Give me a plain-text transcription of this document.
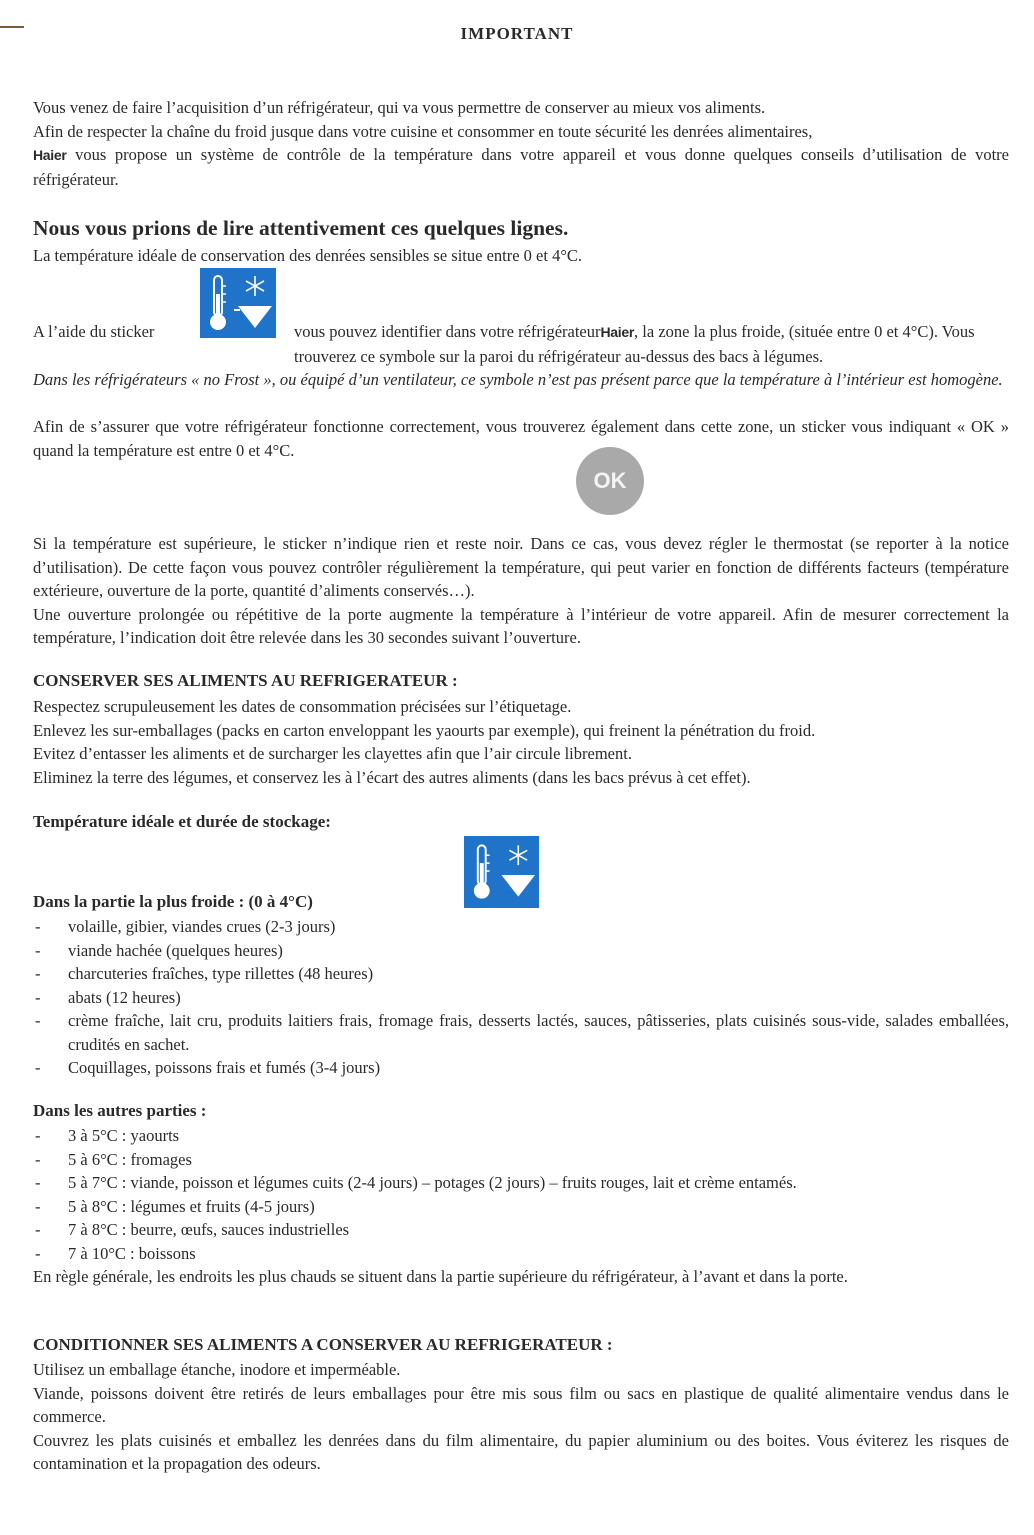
IMPORTANT
Vous venez de faire l’acquisition d’un réfrigérateur, qui va vous permettre de conserver au mieux vos aliments.
Afin de respecter la chaîne du froid jusque dans votre cuisine et consommer en toute sécurité les denrées alimentaires,
Haier vous propose un système de contrôle de la température dans votre appareil et vous donne quelques conseils d’utilisation de votre réfrigérateur.
Nous vous prions de lire attentivement ces quelques lignes.
La température idéale de conservation des denrées sensibles se situe entre 0 et 4°C.
A l’aide du sticker	vous pouvez identifier dans votre réfrigérateurHaier, la zone la plus froide, (située entre 0 et 4°C). Vous trouverez ce symbole sur la paroi du réfrigérateur au-dessus des bacs à légumes.
Dans les réfrigérateurs « no Frost », ou équipé d’un ventilateur, ce symbole n’est pas présent parce que la température à l’intérieur est homogène.
Afin de s’assurer que votre réfrigérateur fonctionne correctement, vous trouverez également dans cette zone, un sticker vous indiquant « OK » quand la température est entre 0 et 4°C.
OK
Si la température est supérieure, le sticker n’indique rien et reste noir. Dans ce cas, vous devez régler le thermostat (se reporter à la notice d’utilisation). De cette façon vous pouvez contrôler régulièrement la température, qui peut varier en fonction de différents facteurs (température extérieure, ouverture de la porte, quantité d’aliments conservés…).
Une ouverture prolongée ou répétitive de la porte augmente la température à l’intérieur de votre appareil. Afin de mesurer correctement la température, l’indication doit être relevée dans les 30 secondes suivant l’ouverture.
CONSERVER SES ALIMENTS AU REFRIGERATEUR :
Respectez scrupuleusement les dates de consommation précisées sur l’étiquetage.
Enlevez les sur-emballages (packs en carton enveloppant les yaourts par exemple), qui freinent la pénétration du froid.
Evitez d’entasser les aliments et de surcharger les clayettes afin que l’air circule librement.
Eliminez la terre des légumes, et conservez les à l’écart des autres aliments (dans les bacs prévus à cet effet).
Température idéale et durée de stockage:
Dans la partie la plus froide : (0 à 4°C)
- volaille, gibier, viandes crues (2-3 jours)
- viande hachée (quelques heures)
- charcuteries fraîches, type rillettes (48 heures)
- abats (12 heures)
- crème fraîche, lait cru, produits laitiers frais, fromage frais, desserts lactés, sauces, pâtisseries, plats cuisinés sous-vide, salades emballées, crudités en sachet.
- Coquillages, poissons frais et fumés (3-4 jours)
Dans les autres parties :
- 3 à 5°C : yaourts
- 5 à 6°C : fromages
- 5 à 7°C : viande, poisson et légumes cuits (2-4 jours) – potages (2 jours) – fruits rouges, lait et crème entamés.
- 5 à 8°C : légumes et fruits (4-5 jours)
- 7 à 8°C : beurre, œufs, sauces industrielles
- 7 à 10°C : boissons
En règle générale, les endroits les plus chauds se situent dans la partie supérieure du réfrigérateur, à l’avant et dans la porte.
CONDITIONNER SES ALIMENTS A CONSERVER AU REFRIGERATEUR :
Utilisez un emballage étanche, inodore et imperméable.
Viande, poissons doivent être retirés de leurs emballages pour être mis sous film ou sacs en plastique de qualité alimentaire vendus dans le commerce.
Couvrez les plats cuisinés et emballez les denrées dans du film alimentaire, du papier aluminium ou des boites. Vous éviterez les risques de contamination et la propagation des odeurs.
